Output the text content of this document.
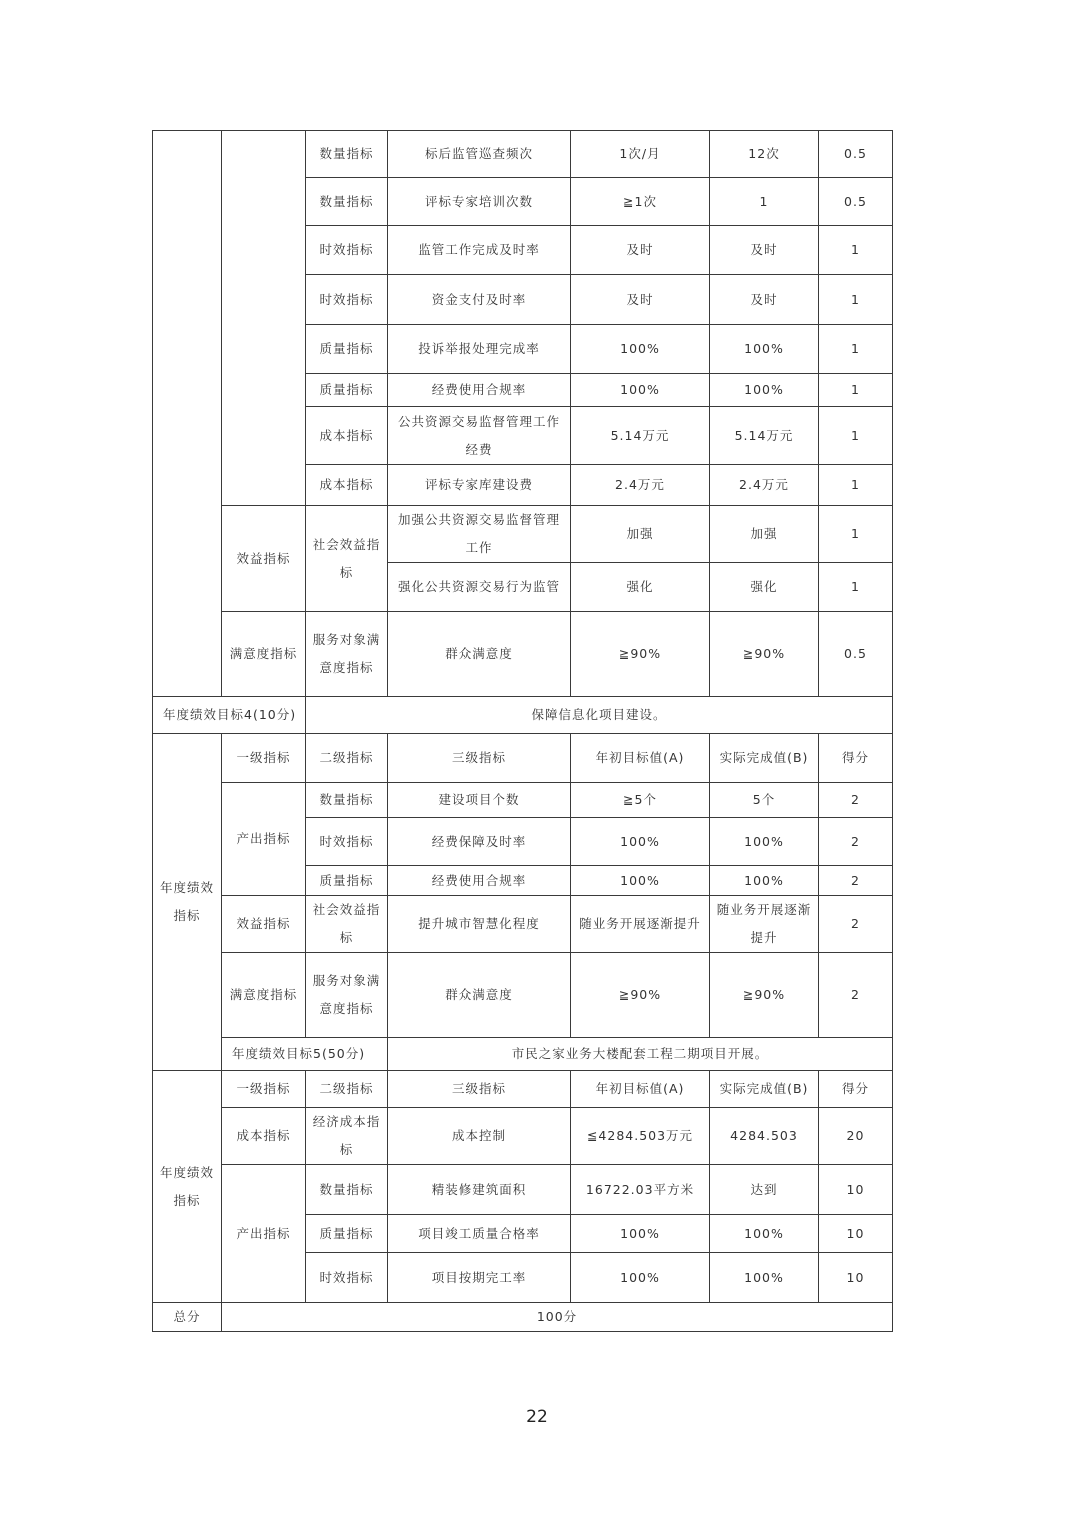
		数量指标	标后监管巡查频次	1次/月	12次	0.5
		数量指标	评标专家培训次数	≧1次	1	0.5
		时效指标	监管工作完成及时率	及时	及时	1
		时效指标	资金支付及时率	及时	及时	1
		质量指标	投诉举报处理完成率	100%	100%	1
		质量指标	经费使用合规率	100%	100%	1
		成本指标	公共资源交易监督管理工作经费	5.14万元	5.14万元	1
		成本指标	评标专家库建设费	2.4万元	2.4万元	1
	效益指标	社会效益指标	加强公共资源交易监督管理工作	加强	加强	1
			强化公共资源交易行为监管	强化	强化	1
	满意度指标	服务对象满意度指标	群众满意度	≧90%	≧90%	0.5
年度绩效目标4(10分)		保障信息化项目建设。				
年度绩效指标	一级指标	二级指标	三级指标	年初目标值(A)	实际完成值(B)	得分
	产出指标	数量指标	建设项目个数	≧5个	5个	2
		时效指标	经费保障及时率	100%	100%	2
		质量指标	经费使用合规率	100%	100%	2
	效益指标	社会效益指标	提升城市智慧化程度	随业务开展逐渐提升	随业务开展逐渐提升	2
	满意度指标	服务对象满意度指标	群众满意度	≧90%	≧90%	2
	年度绩效目标5(50分)		市民之家业务大楼配套工程二期项目开展。			
年度绩效指标	一级指标	二级指标	三级指标	年初目标值(A)	实际完成值(B)	得分
	成本指标	经济成本指标	成本控制	≦4284.503万元	4284.503	20
	产出指标	数量指标	精装修建筑面积	16722.03平方米	达到	10
		质量指标	项目竣工质量合格率	100%	100%	10
		时效指标	项目按期完工率	100%	100%	10
总分	100分					
22
